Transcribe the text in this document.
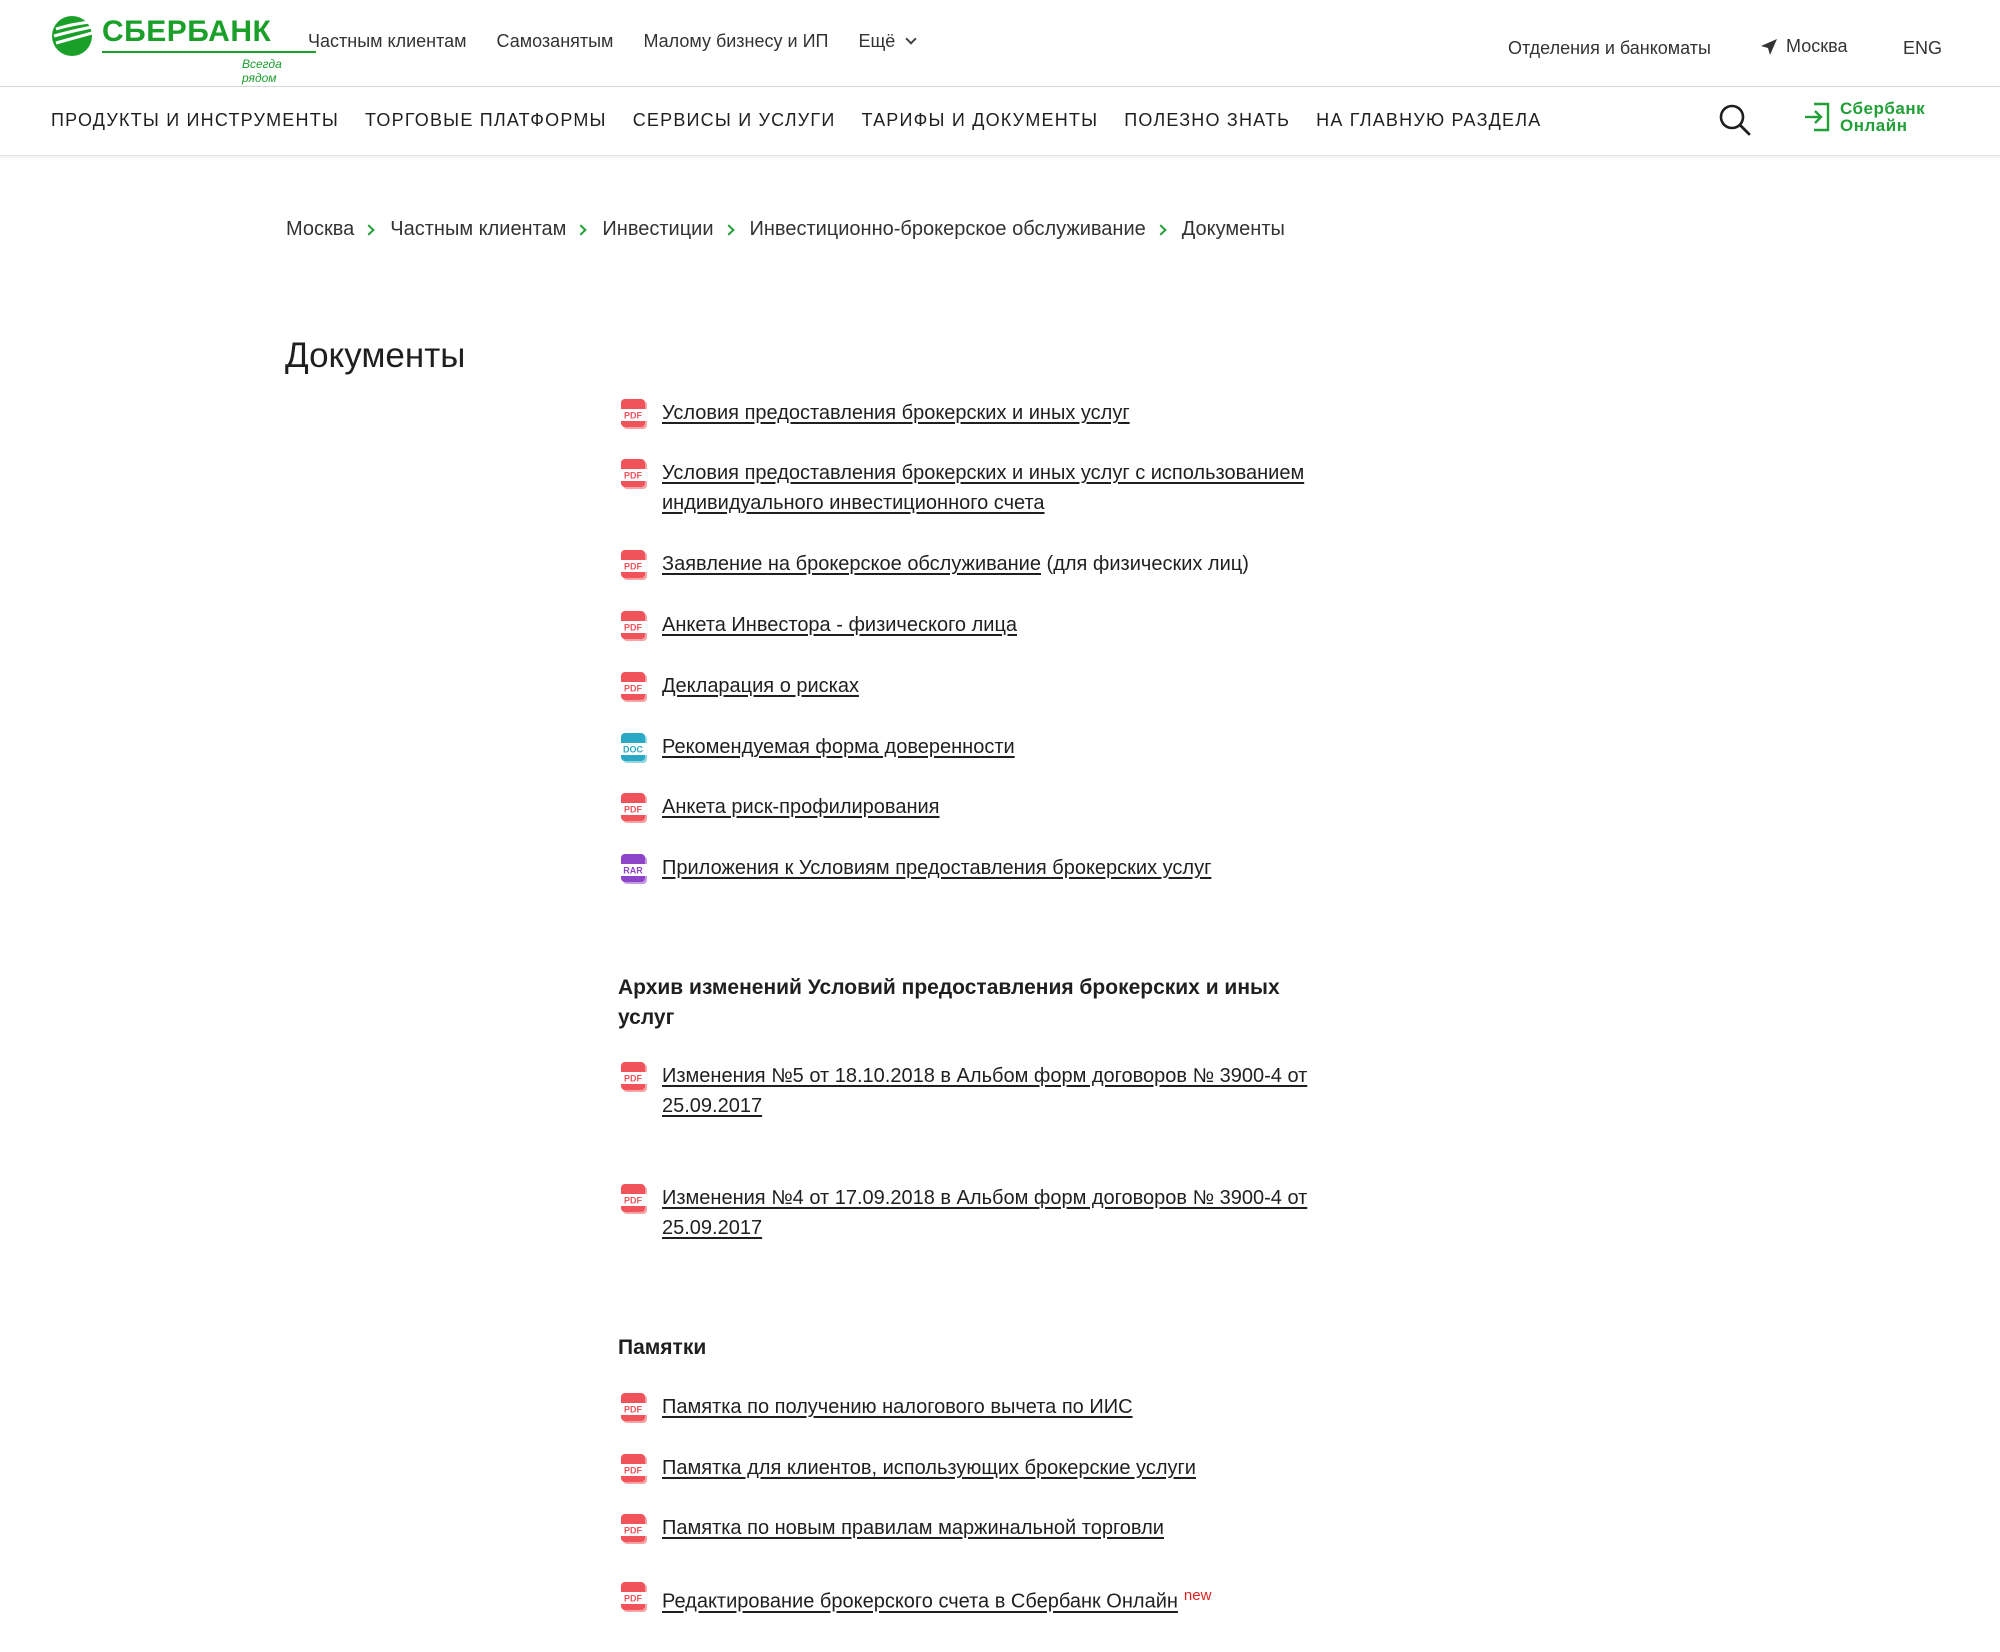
СБЕРБАНК
Всегда рядом
Частным клиентам Самозанятым Малому бизнесу и ИП Ещё	Отделения и банкоматы	Москва	ENG
ПРОДУКТЫ И ИНСТРУМЕНТЫ ТОРГОВЫЕ ПЛАТФОРМЫ СЕРВИСЫ И УСЛУГИ ТАРИФЫ И ДОКУМЕНТЫ ПОЛЕЗНО ЗНАТЬ НА ГЛАВНУЮ РАЗДЕЛА
Сбербанк
Онлайн
Москва Частным клиентам Инвестиции Инвестиционно-брокерское обслуживание Документы
Документы
PDF Условия предоставления брокерских и иных услуг
PDF Условия предоставления брокерских и иных услуг с использованием индивидуального инвестиционного счета
PDF Заявление на брокерское обслуживание (для физических лиц)
PDF Анкета Инвестора - физического лица
PDF Декларация о рисках
DOC Рекомендуемая форма доверенности
PDF Анкета риск-профилирования
RAR Приложения к Условиям предоставления брокерских услуг
Архив изменений Условий предоставления брокерских и иных услуг
PDF Изменения №5 от 18.10.2018 в Альбом форм договоров № 3900-4 от 25.09.2017
PDF Изменения №4 от 17.09.2018 в Альбом форм договоров № 3900-4 от 25.09.2017
Памятки
PDF Памятка по получению налогового вычета по ИИС
PDF Памятка для клиентов, использующих брокерские услуги
PDF Памятка по новым правилам маржинальной торговли
PDF Редактирование брокерского счета в Сбербанк Онлайн $^{new}$
